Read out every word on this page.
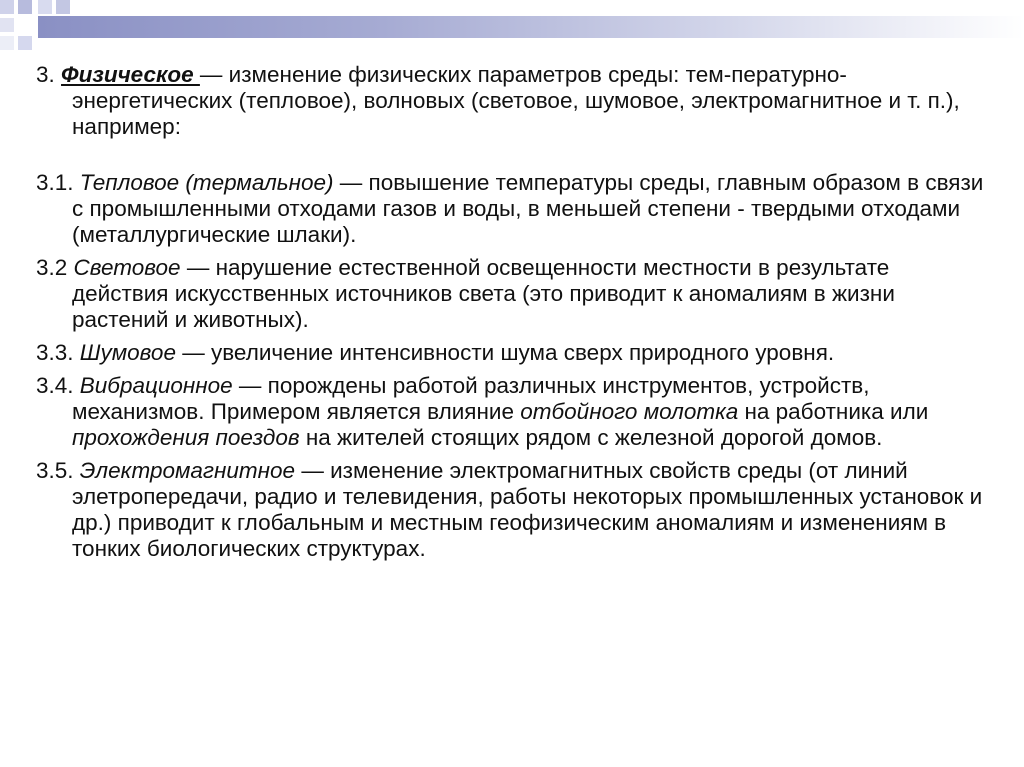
3. Физическое — изменение физических параметров среды: тем-пературно-энергетических (тепловое), волновых (световое, шумовое, электромагнитное и т. п.), например:

3.1. Тепловое (термальное) — повышение температуры среды, главным образом в связи с промышленными отходами газов и воды, в меньшей степени - твердыми отходами (металлургические шлаки).

3.2 Световое — нарушение естественной освещенности местности в результате действия искусственных источников света (это приводит к аномалиям в жизни растений и животных).

3.3. Шумовое — увеличение интенсивности шума сверх природного уровня.

3.4. Вибрационное — порождены работой различных инструментов, устройств, механизмов. Примером является влияние отбойного молотка на работника или прохождения поездов на жителей стоящих рядом с железной дорогой домов.

3.5. Электромагнитное — изменение электромагнитных свойств среды (от линий элетропередачи, радио и телевидения, работы некоторых промышленных установок и др.) приводит к глобальным и местным геофизическим аномалиям и изменениям в тонких биологических структурах.
